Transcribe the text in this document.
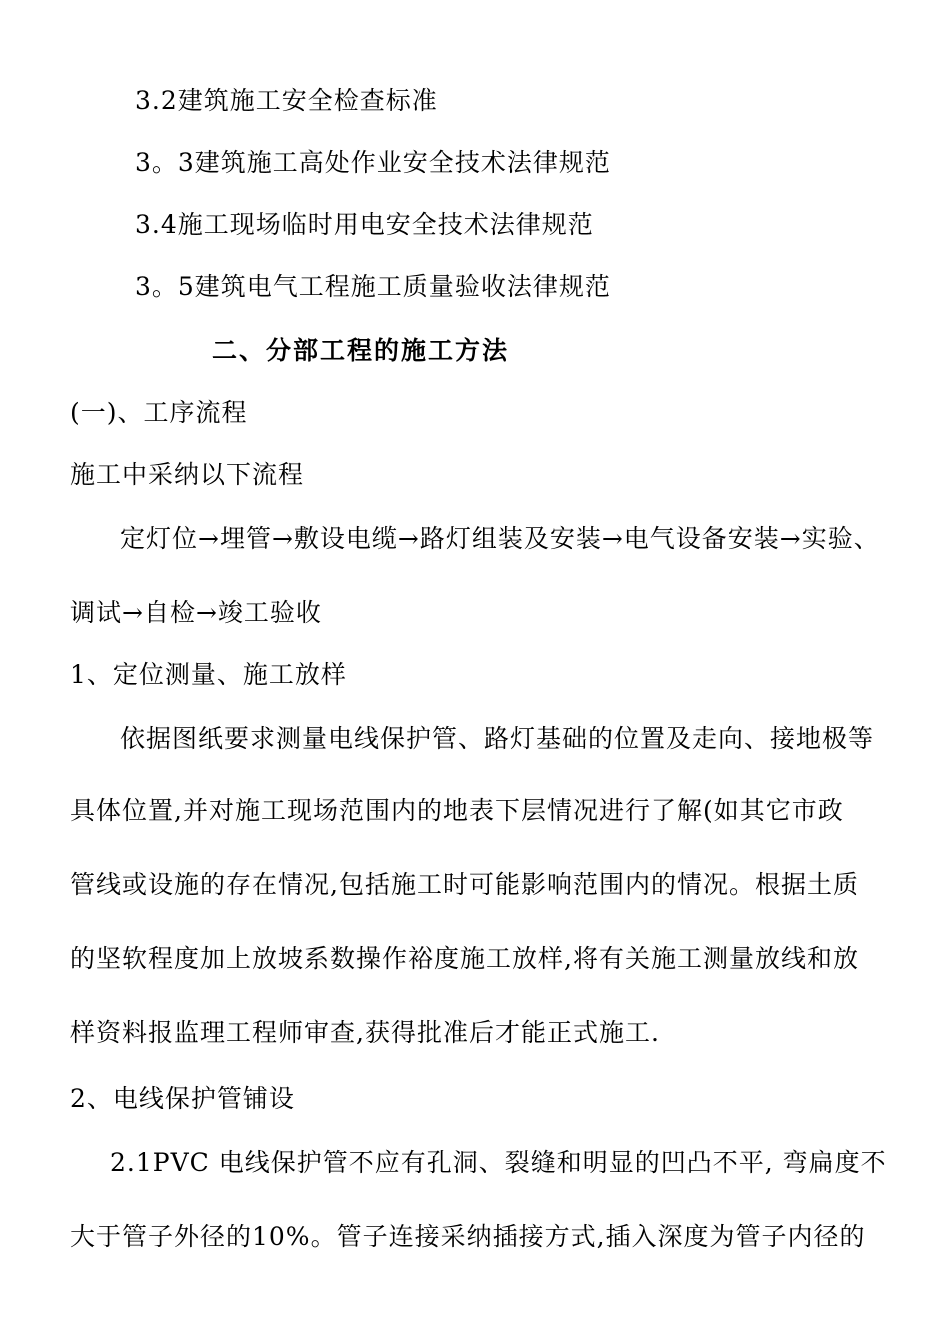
3.2建筑施工安全检查标准
3。3建筑施工高处作业安全技术法律规范
3.4施工现场临时用电安全技术法律规范
3。5建筑电气工程施工质量验收法律规范
二、分部工程的施工方法
(一)、工序流程
施工中采纳以下流程
定灯位→埋管→敷设电缆→路灯组装及安装→电气设备安装→实验、
调试→自检→竣工验收
1、定位测量、施工放样
依据图纸要求测量电线保护管、路灯基础的位置及走向、接地极等
具体位置,并对施工现场范围内的地表下层情况进行了解(如其它市政
管线或设施的存在情况,包括施工时可能影响范围内的情况。根据土质
的坚软程度加上放坡系数操作裕度施工放样,将有关施工测量放线和放
样资料报监理工程师审查,获得批准后才能正式施工.
2、电线保护管铺设
2.1PVC 电线保护管不应有孔洞、裂缝和明显的凹凸不平, 弯扁度不
大于管子外径的10%。管子连接采纳插接方式,插入深度为管子内径的
